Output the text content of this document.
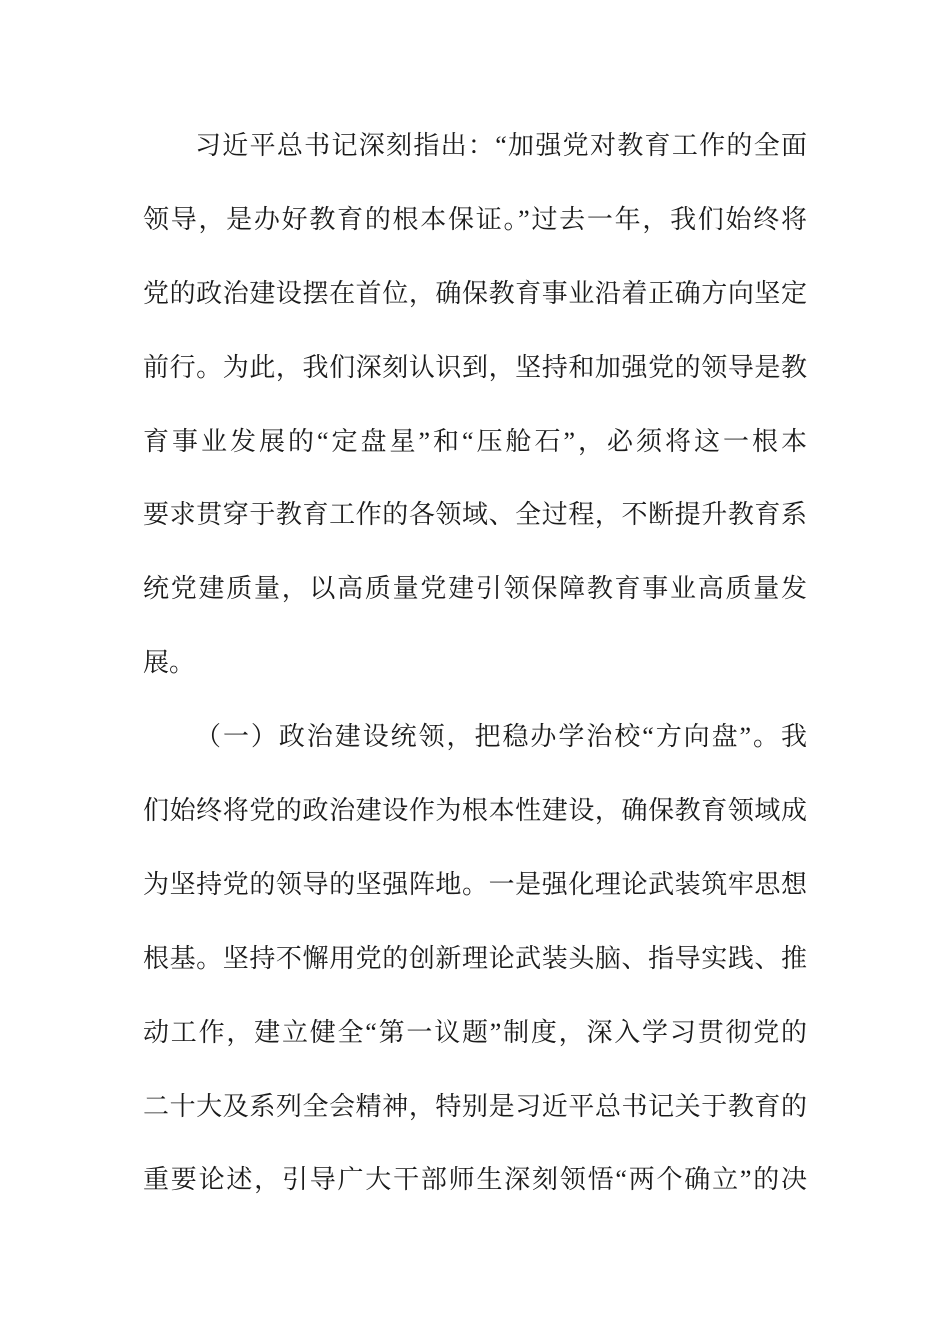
习近平总书记深刻指出：“加强党对教育工作的全面
领导，是办好教育的根本保证。”过去一年，我们始终将
党的政治建设摆在首位，确保教育事业沿着正确方向坚定
前行。为此，我们深刻认识到，坚持和加强党的领导是教
育事业发展的“定盘星”和“压舱石”，必须将这一根本
要求贯穿于教育工作的各领域、全过程，不断提升教育系
统党建质量，以高质量党建引领保障教育事业高质量发
展。
（一）政治建设统领，把稳办学治校“方向盘”。我
们始终将党的政治建设作为根本性建设，确保教育领域成
为坚持党的领导的坚强阵地。一是强化理论武装筑牢思想
根基。坚持不懈用党的创新理论武装头脑、指导实践、推
动工作，建立健全“第一议题”制度，深入学习贯彻党的
二十大及系列全会精神，特别是习近平总书记关于教育的
重要论述，引导广大干部师生深刻领悟“两个确立”的决
